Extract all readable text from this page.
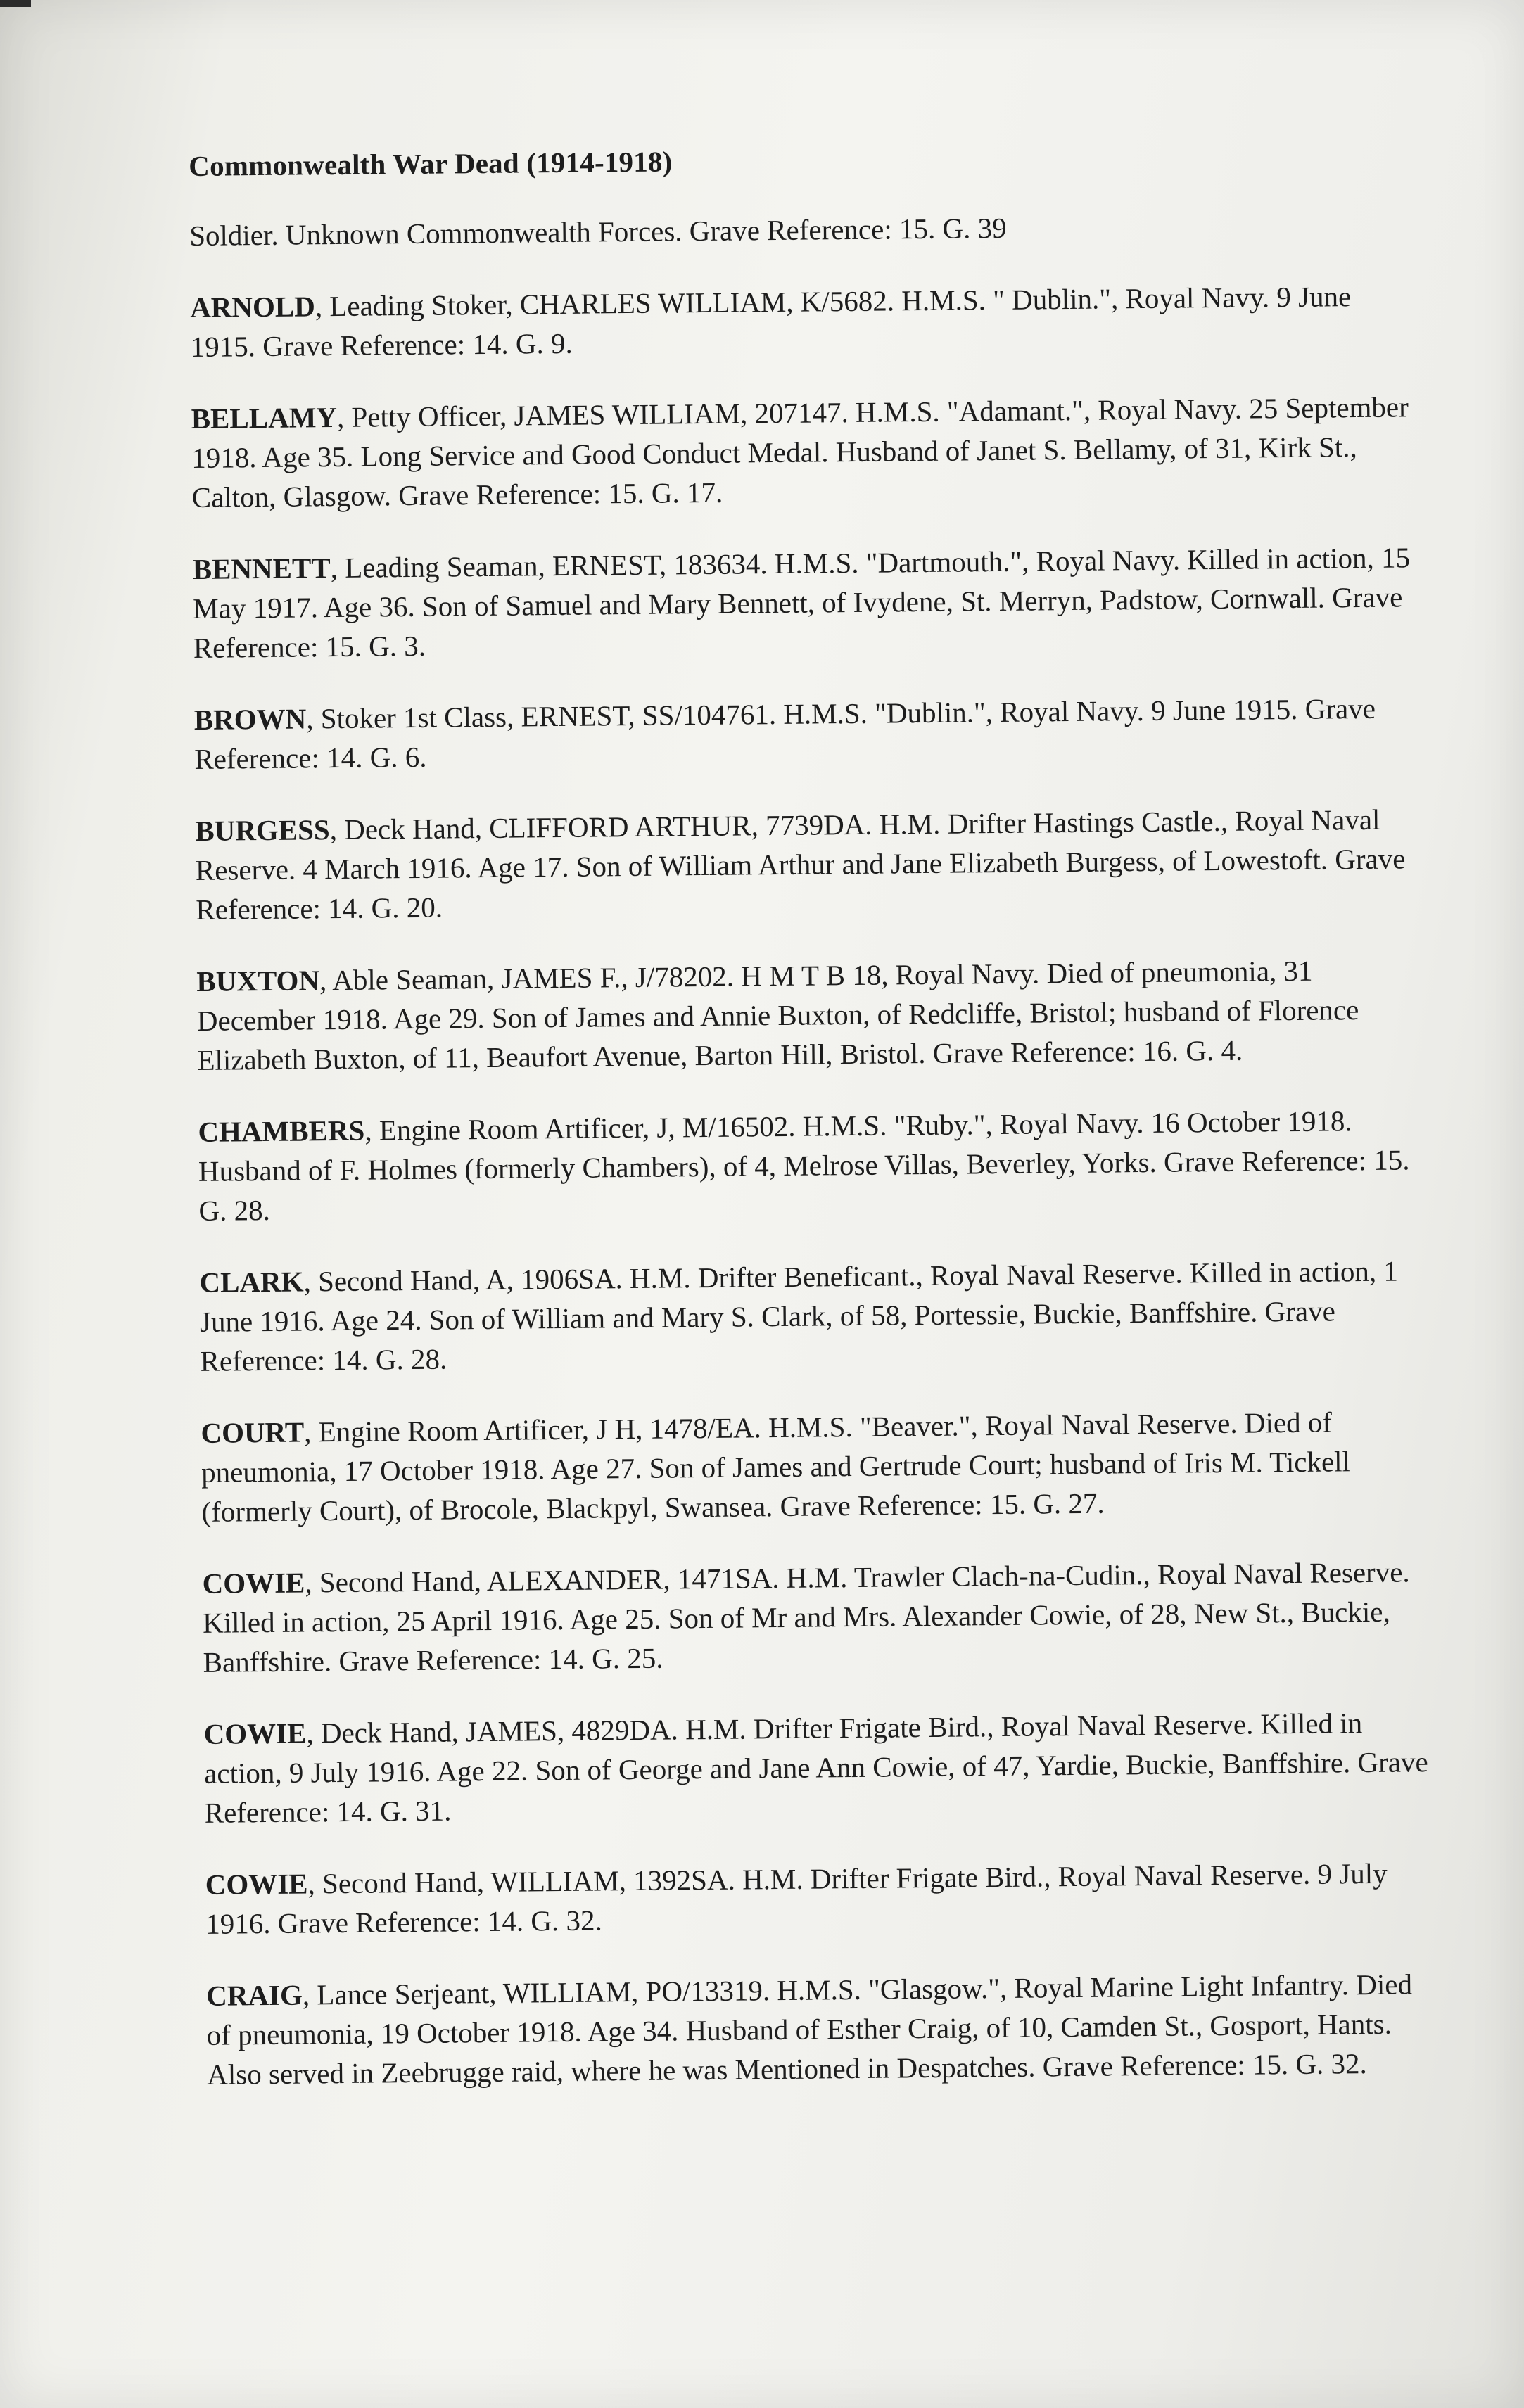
Commonwealth War Dead (1914-1918)
Soldier. Unknown Commonwealth Forces. Grave Reference: 15. G. 39
ARNOLD, Leading Stoker, CHARLES WILLIAM, K/5682. H.M.S. " Dublin.", Royal Navy. 9 June 1915. Grave Reference: 14. G. 9.
BELLAMY, Petty Officer, JAMES WILLIAM, 207147. H.M.S. "Adamant.", Royal Navy. 25 September 1918. Age 35. Long Service and Good Conduct Medal. Husband of Janet S. Bellamy, of 31, Kirk St., Calton, Glasgow. Grave Reference: 15. G. 17.
BENNETT, Leading Seaman, ERNEST, 183634. H.M.S. "Dartmouth.", Royal Navy. Killed in action, 15 May 1917. Age 36. Son of Samuel and Mary Bennett, of Ivydene, St. Merryn, Padstow, Cornwall. Grave Reference: 15. G. 3.
BROWN, Stoker 1st Class, ERNEST, SS/104761. H.M.S. "Dublin.", Royal Navy. 9 June 1915. Grave Reference: 14. G. 6.
BURGESS, Deck Hand, CLIFFORD ARTHUR, 7739DA. H.M. Drifter Hastings Castle., Royal Naval Reserve. 4 March 1916. Age 17. Son of William Arthur and Jane Elizabeth Burgess, of Lowestoft. Grave Reference: 14. G. 20.
BUXTON, Able Seaman, JAMES F., J/78202. H M T B 18, Royal Navy. Died of pneumonia, 31 December 1918. Age 29. Son of James and Annie Buxton, of Redcliffe, Bristol; husband of Florence Elizabeth Buxton, of 11, Beaufort Avenue, Barton Hill, Bristol. Grave Reference: 16. G. 4.
CHAMBERS, Engine Room Artificer, J, M/16502. H.M.S. "Ruby.", Royal Navy. 16 October 1918. Husband of F. Holmes (formerly Chambers), of 4, Melrose Villas, Beverley, Yorks. Grave Reference: 15. G. 28.
CLARK, Second Hand, A, 1906SA. H.M. Drifter Beneficant., Royal Naval Reserve. Killed in action, 1 June 1916. Age 24. Son of William and Mary S. Clark, of 58, Portessie, Buckie, Banffshire. Grave Reference: 14. G. 28.
COURT, Engine Room Artificer, J H, 1478/EA. H.M.S. "Beaver.", Royal Naval Reserve. Died of pneumonia, 17 October 1918. Age 27. Son of James and Gertrude Court; husband of Iris M. Tickell (formerly Court), of Brocole, Blackpyl, Swansea. Grave Reference: 15. G. 27.
COWIE, Second Hand, ALEXANDER, 1471SA. H.M. Trawler Clach-na-Cudin., Royal Naval Reserve. Killed in action, 25 April 1916. Age 25. Son of Mr and Mrs. Alexander Cowie, of 28, New St., Buckie, Banffshire. Grave Reference: 14. G. 25.
COWIE, Deck Hand, JAMES, 4829DA. H.M. Drifter Frigate Bird., Royal Naval Reserve. Killed in action, 9 July 1916. Age 22. Son of George and Jane Ann Cowie, of 47, Yardie, Buckie, Banffshire. Grave Reference: 14. G. 31.
COWIE, Second Hand, WILLIAM, 1392SA. H.M. Drifter Frigate Bird., Royal Naval Reserve. 9 July 1916. Grave Reference: 14. G. 32.
CRAIG, Lance Serjeant, WILLIAM, PO/13319. H.M.S. "Glasgow.", Royal Marine Light Infantry. Died of pneumonia, 19 October 1918. Age 34. Husband of Esther Craig, of 10, Camden St., Gosport, Hants. Also served in Zeebrugge raid, where he was Mentioned in Despatches. Grave Reference: 15. G. 32.
